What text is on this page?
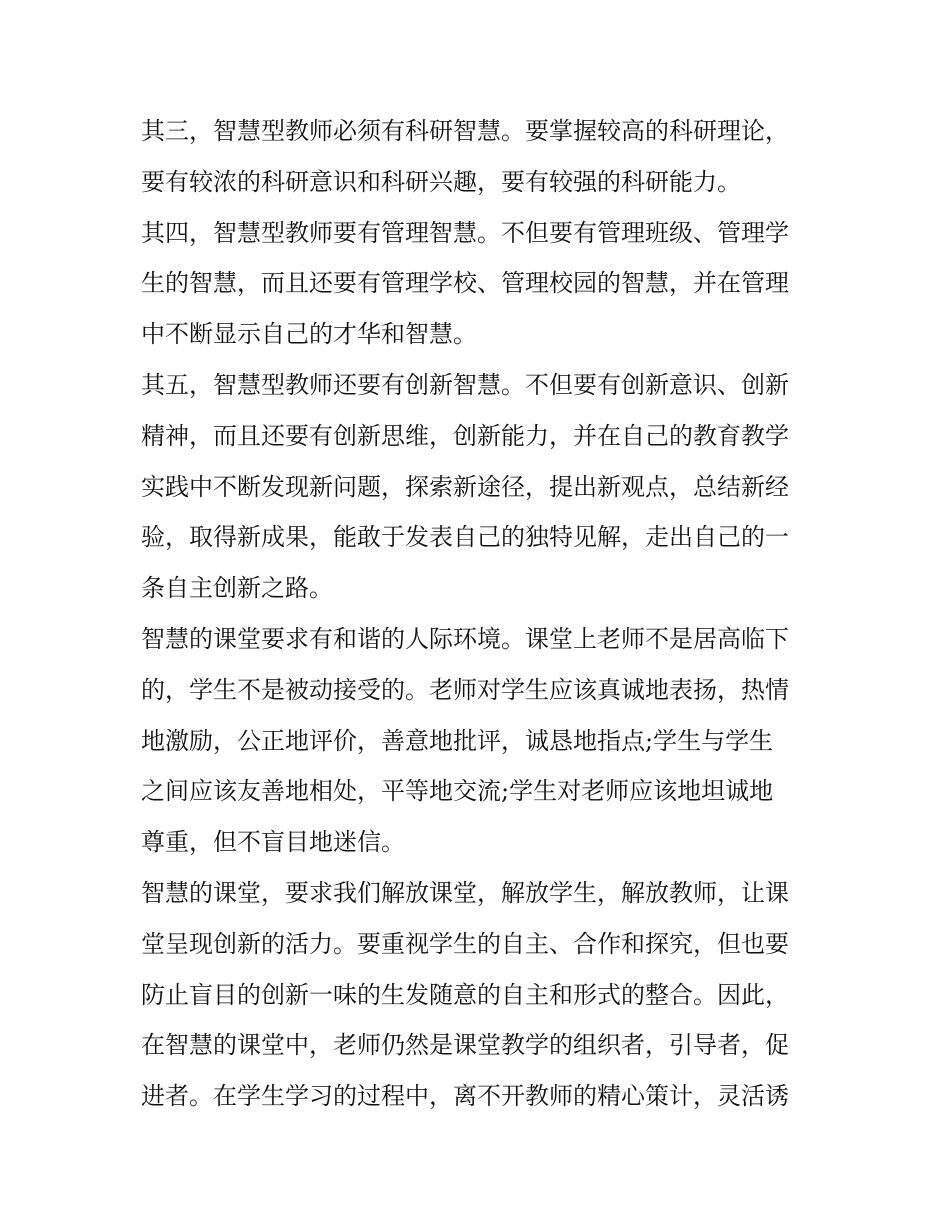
其三，智慧型教师必须有科研智慧。要掌握较高的科研理论，
要有较浓的科研意识和科研兴趣，要有较强的科研能力。
其四，智慧型教师要有管理智慧。不但要有管理班级、管理学
生的智慧，而且还要有管理学校、管理校园的智慧，并在管理
中不断显示自己的才华和智慧。
其五，智慧型教师还要有创新智慧。不但要有创新意识、创新
精神，而且还要有创新思维，创新能力，并在自己的教育教学
实践中不断发现新问题，探索新途径，提出新观点，总结新经
验，取得新成果，能敢于发表自己的独特见解，走出自己的一
条自主创新之路。
智慧的课堂要求有和谐的人际环境。课堂上老师不是居高临下
的，学生不是被动接受的。老师对学生应该真诚地表扬，热情
地激励，公正地评价，善意地批评，诚恳地指点;学生与学生
之间应该友善地相处，平等地交流;学生对老师应该地坦诚地
尊重，但不盲目地迷信。
智慧的课堂，要求我们解放课堂，解放学生，解放教师，让课
堂呈现创新的活力。要重视学生的自主、合作和探究，但也要
防止盲目的创新一味的生发随意的自主和形式的整合。因此，
在智慧的课堂中，老师仍然是课堂教学的组织者，引导者，促
进者。在学生学习的过程中，离不开教师的精心策计，灵活诱
